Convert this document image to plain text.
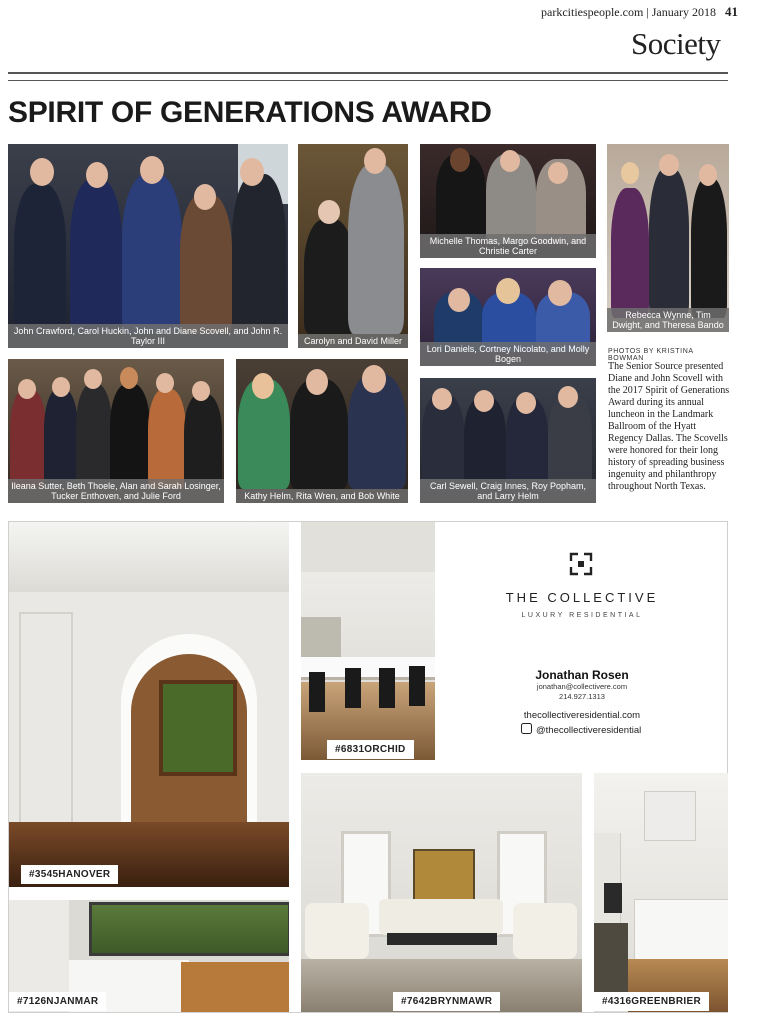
parkcitiespeople.com | January 2018 41
Society
SPIRIT OF GENERATIONS AWARD
John Crawford, Carol Huckin, John and Diane Scovell, and John R. Taylor III	Carolyn and David Miller
Michelle Thomas, Margo Goodwin, and Christie Carter
Rebecca Wynne, Tim Dwight, and Theresa Bando
Lori Daniels, Cortney Nicolato, and Molly Bogen
Ileana Sutter, Beth Thoele, Alan and Sarah Losinger, Tucker Enthoven, and Julie Ford	Kathy Helm, Rita Wren, and Bob White
Carl Sewell, Craig Innes, Roy Popham, and Larry Helm
PHOTOS BY KRISTINA BOWMAN
The Senior Source presented Diane and John Scovell with the 2017 Spirit of Generations Award during its annual luncheon in the Landmark Ballroom of the Hyatt Regency Dallas. The Scovells were honored for their long history of spreading business ingenuity and philanthropy throughout North Texas.
#3545HANOVER
#6831ORCHID
THE COLLECTIVE
LUXURY RESIDENTIAL
Jonathan Rosen
jonathan@collectivere.com
214.927.1313
thecollectiveresidential.com
@thecollectiveresidential
#7126NJANMAR	#7642BRYNMAWR	#4316GREENBRIER
